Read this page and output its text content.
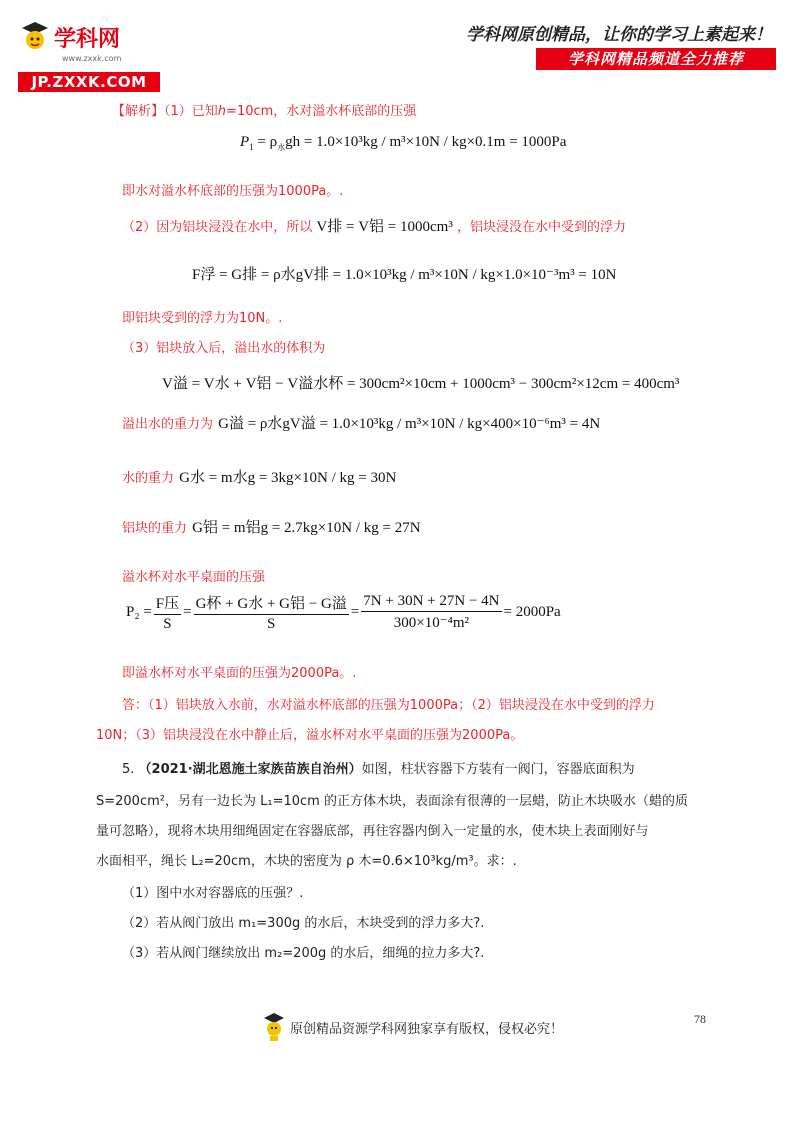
学科网
www.zxxk.com
JP.ZXXK.COM
学科网原创精品，让你的学习上素起来！
学科网精品频道全力推荐
【解析】（1）已知h=10cm，水对溢水杯底部的压强
$P_1 = \rho_水gh = 1.0\times 10^3kg / m^3\times 10N / kg\times 0.1m = 1000Pa$
即水对溢水杯底部的压强为1000Pa。.
（2）因为铝块浸没在水中，所以 V排 = V铝 = 1000cm³ ，铝块浸没在水中受到的浮力
F浮 = G排 = ρ水gV排 = 1.0×10³kg / m³×10N / kg×1.0×10⁻³m³ = 10N
即铝块受到的浮力为10N。.
（3）铝块放入后，溢出水的体积为
V溢 = V水 + V铝 − V溢水杯 = 300cm²×10cm + 1000cm³ − 300cm²×12cm = 400cm³
溢出水的重力为 G溢 = ρ水gV溢 = 1.0×10³kg / m³×10N / kg×400×10⁻⁶m³ = 4N
水的重力 G水 = m水g = 3kg×10N / kg = 30N
铝块的重力 G铝 = m铝g = 2.7kg×10N / kg = 27N
溢水杯对水平桌面的压强
$P_2 = \frac{\text{F压}}{S} = \frac{\text{G杯 + G水 + G铝 − G溢}}{S} = \frac{7N + 30N + 27N - 4N}{\text{300×10⁻⁴m²}} = 2000Pa$
即溢水杯对水平桌面的压强为2000Pa。.
答：（1）铝块放入水前，水对溢水杯底部的压强为1000Pa；（2）铝块浸没在水中受到的浮力
10N；（3）铝块浸没在水中静止后，溢水杯对水平桌面的压强为2000Pa。
5. （2021·湖北恩施土家族苗族自治州）如图，柱状容器下方装有一阀门，容器底面积为
S=200cm²，另有一边长为 L₁=10cm 的正方体木块，表面涂有很薄的一层蜡，防止木块吸水（蜡的质
量可忽略），现将木块用细绳固定在容器底部，再往容器内倒入一定量的水，使木块上表面刚好与
水面相平，绳长 L₂=20cm，木块的密度为 ρ 木=0.6×10³kg/m³。求：.
（1）图中水对容器底的压强？.
（2）若从阀门放出 m₁=300g 的水后，木块受到的浮力多大?.
（3）若从阀门继续放出 m₂=200g 的水后，细绳的拉力多大?.
78
原创精品资源学科网独家享有版权，侵权必究！
